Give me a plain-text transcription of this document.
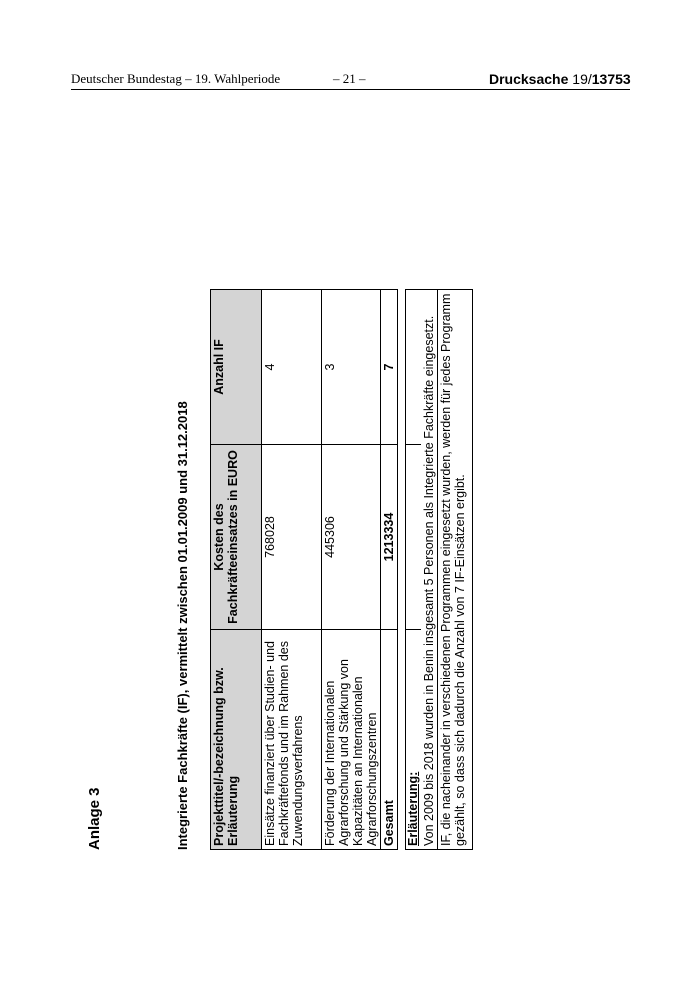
Deutscher Bundestag – 19. Wahlperiode	– 21 –	Drucksache 19/13753
Anlage 3	Integrierte Fachkräfte (IF), vermittelt zwischen 01.01.2009 und 31.12.2018 Projekttitel/-bezeichnung bzw. Erläuterung	Kosten des Fachkräfteeinsatzes in EURO	Anzahl IF
Einsätze finanziert über Studien- und Fachkräftefonds und im Rahmen des Zuwendungsverfahrens	768028	4
Förderung der Internationalen Agrarforschung und Stärkung von Kapazitäten an Internationalen Agrarforschungszentren	445306	3
Gesamt	1213334	7

Erläuterung:		
Von 2009 bis 2018 wurden in Benin insgesamt 5 Personen als Integrierte Fachkräfte eingesetzt.		
IF, die nacheinander in verschiedenen Programmen eingesetzt wurden, werden für jedes Programm gezählt, so dass sich dadurch die Anzahl von 7 IF-Einsätzen ergibt.		
